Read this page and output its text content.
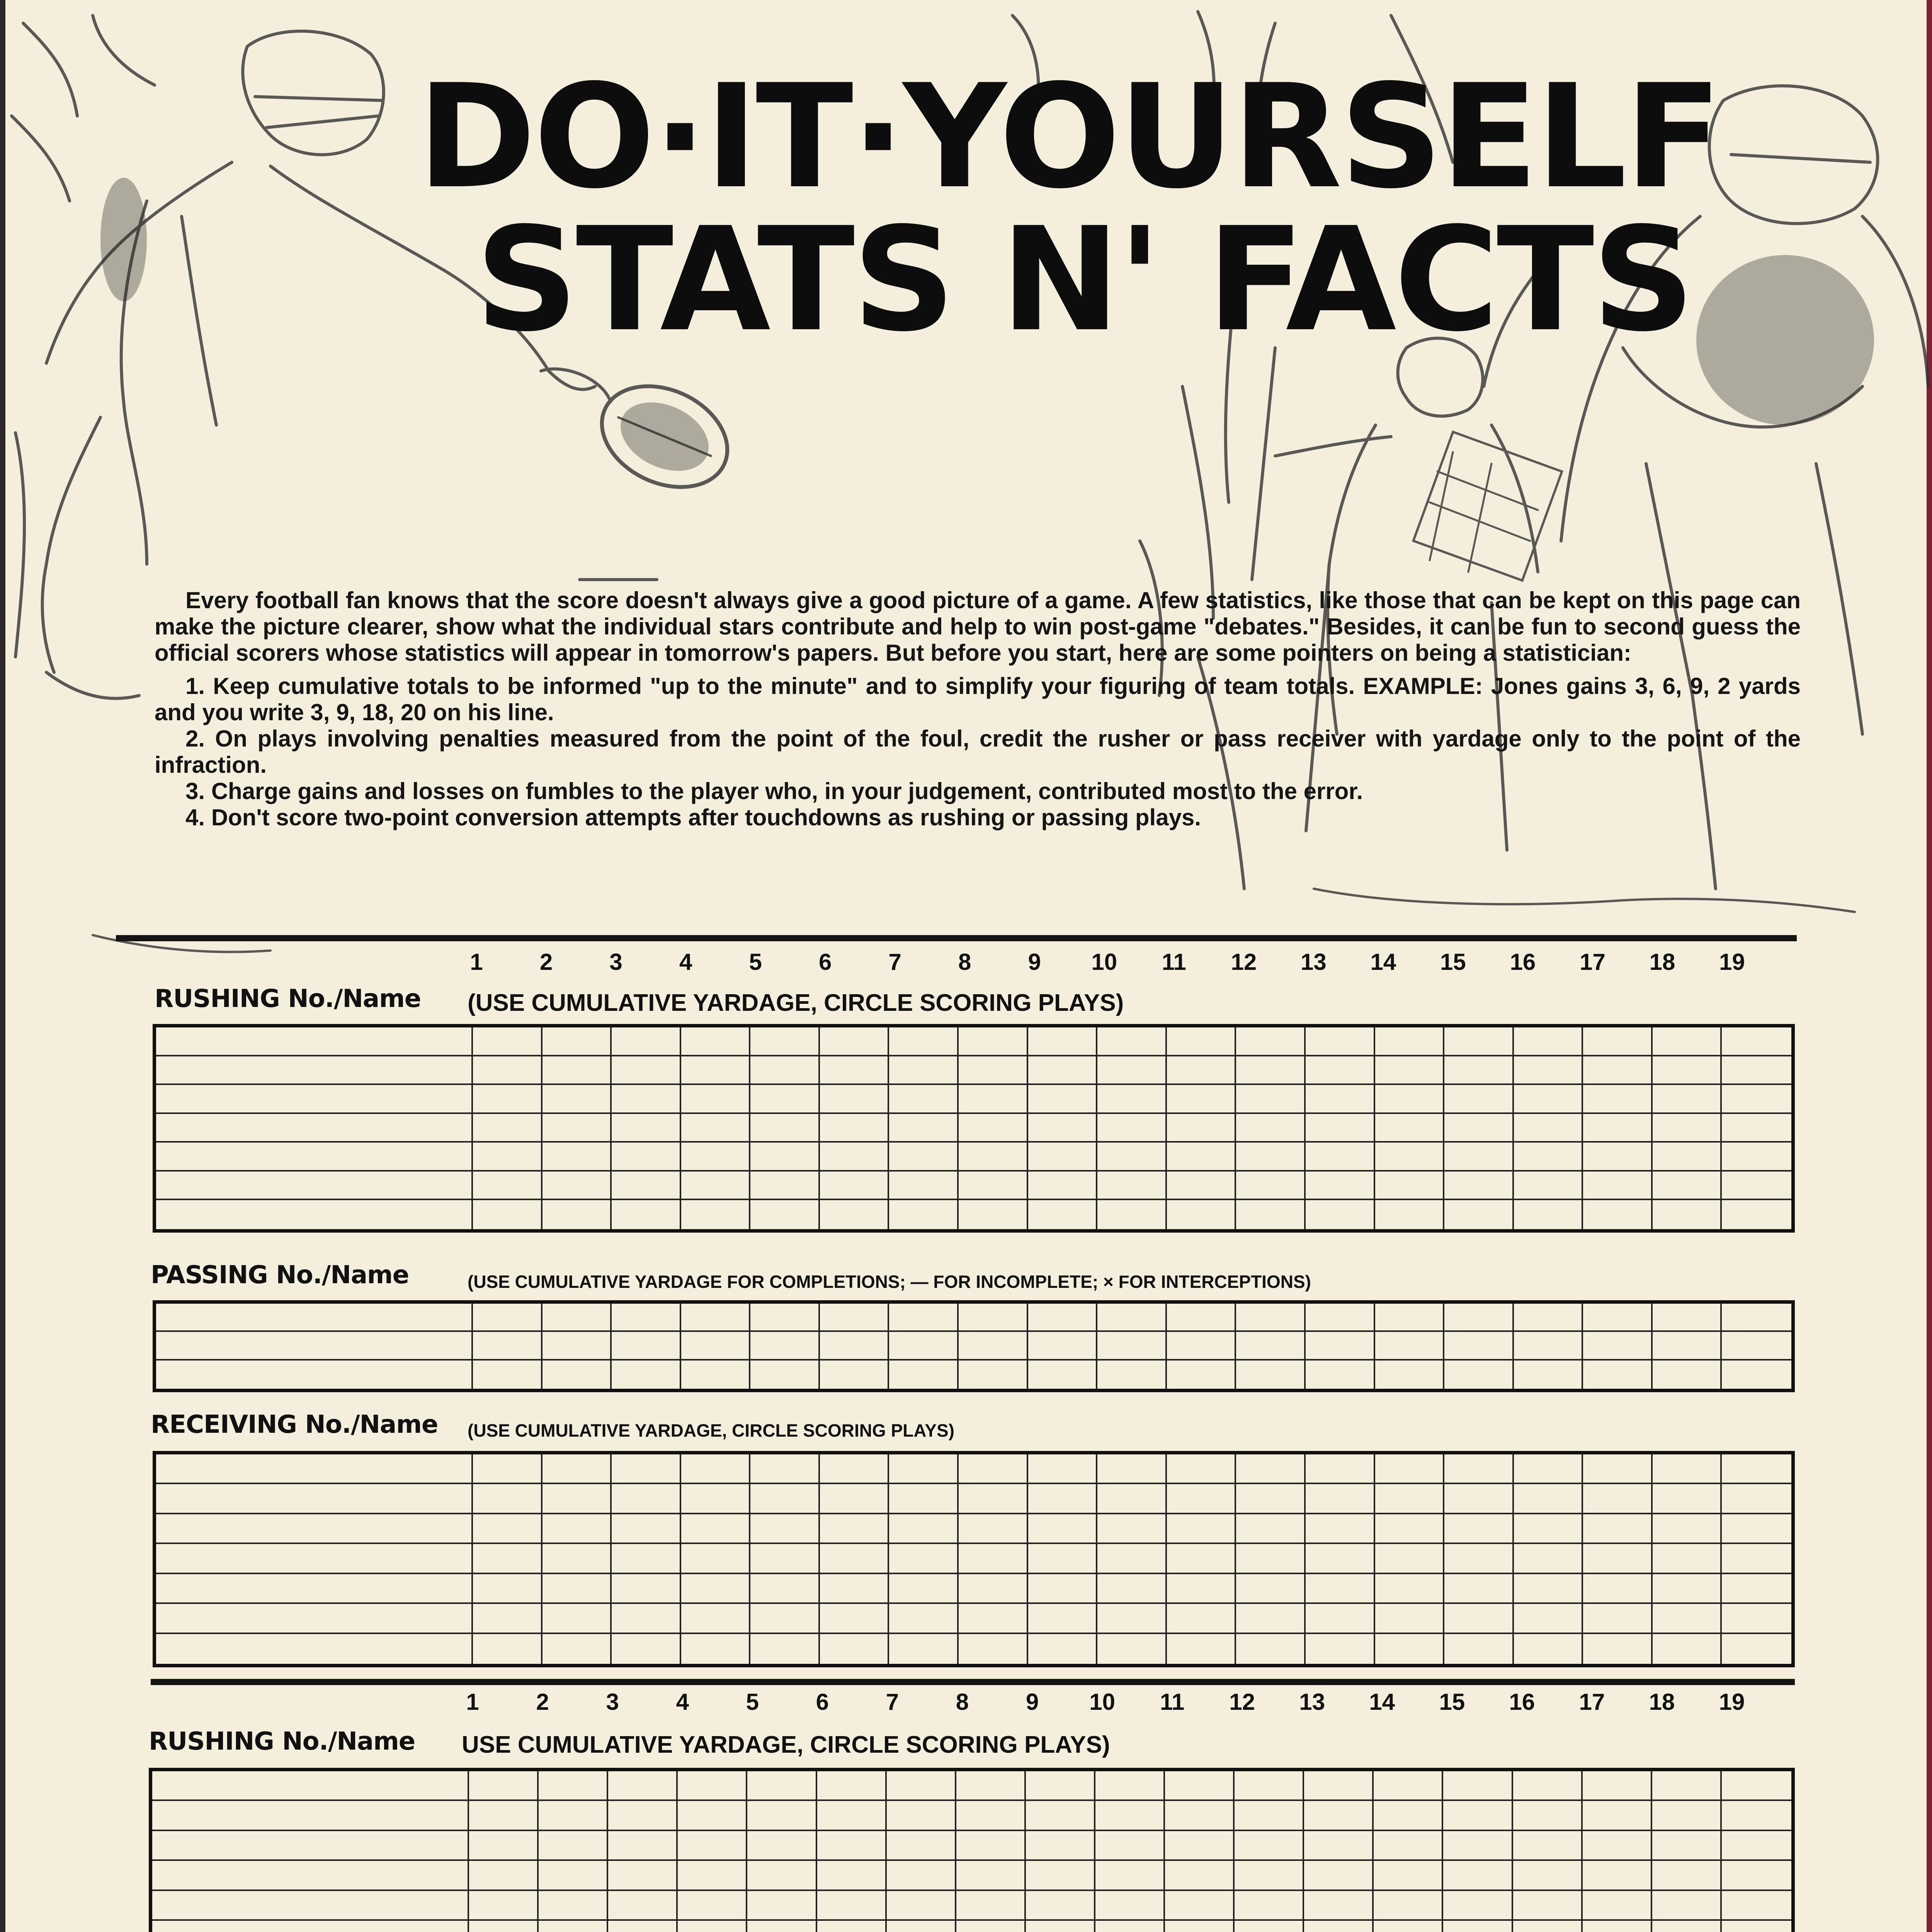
DO·IT·YOURSELF
STATS N' FACTS

Every football fan knows that the score doesn't always give a good picture of a game. A few statistics, like those that can be kept on this page can make the picture clearer, show what the individual stars contribute and help to win post-game "debates." Besides, it can be fun to second guess the official scorers whose statistics will appear in tomorrow's papers. But before you start, here are some pointers on being a statistician:

1. Keep cumulative totals to be informed "up to the minute" and to simplify your figuring of team totals. EXAMPLE: Jones gains 3, 6, 9, 2 yards and you write 3, 9, 18, 20 on his line.

2. On plays involving penalties measured from the point of the foul, credit the rusher or pass receiver with yardage only to the point of the infraction.

3. Charge gains and losses on fumbles to the player who, in your judgement, contributed most to the error.

4. Don't score two-point conversion attempts after touchdowns as rushing or passing plays.

1 2 3 4 5 6 7 8 9 10 11 12 13 14 15 16 17 18 19
RUSHING No./Name (USE CUMULATIVE YARDAGE, CIRCLE SCORING PLAYS)
PASSING No./Name	(USE CUMULATIVE YARDAGE FOR COMPLETIONS; — FOR INCOMPLETE; × FOR INTERCEPTIONS)
RECEIVING No./Name (USE CUMULATIVE YARDAGE, CIRCLE SCORING PLAYS)
1 2 3 4 5 6 7 8 9 10 11 12 13 14 15 16 17 18 19
RUSHING No./Name USE CUMULATIVE YARDAGE, CIRCLE SCORING PLAYS)
